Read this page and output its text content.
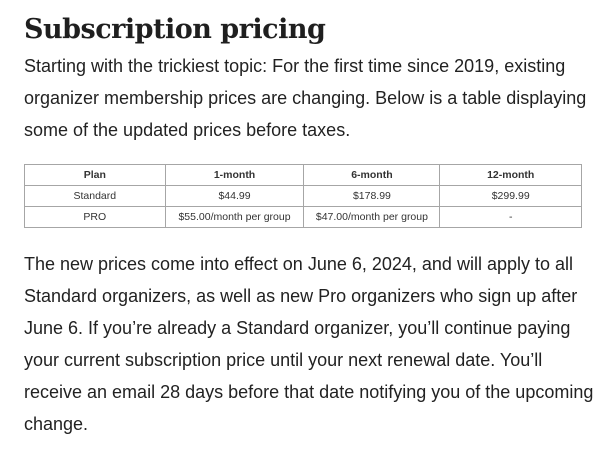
Subscription pricing

Starting with the trickiest topic: For the first time since 2019, existing organizer membership prices are changing. Below is a table displaying some of the updated prices before taxes.

Plan	1-month	6-month	12-month
Standard	$44.99	$178.99	$299.99
PRO	$55.00/month per group	$47.00/month per group	-

The new prices come into effect on June 6, 2024, and will apply to all Standard organizers, as well as new Pro organizers who sign up after June 6. If you’re already a Standard organizer, you’ll continue paying your current subscription price until your next renewal date. You’ll receive an email 28 days before that date notifying you of the upcoming change.
